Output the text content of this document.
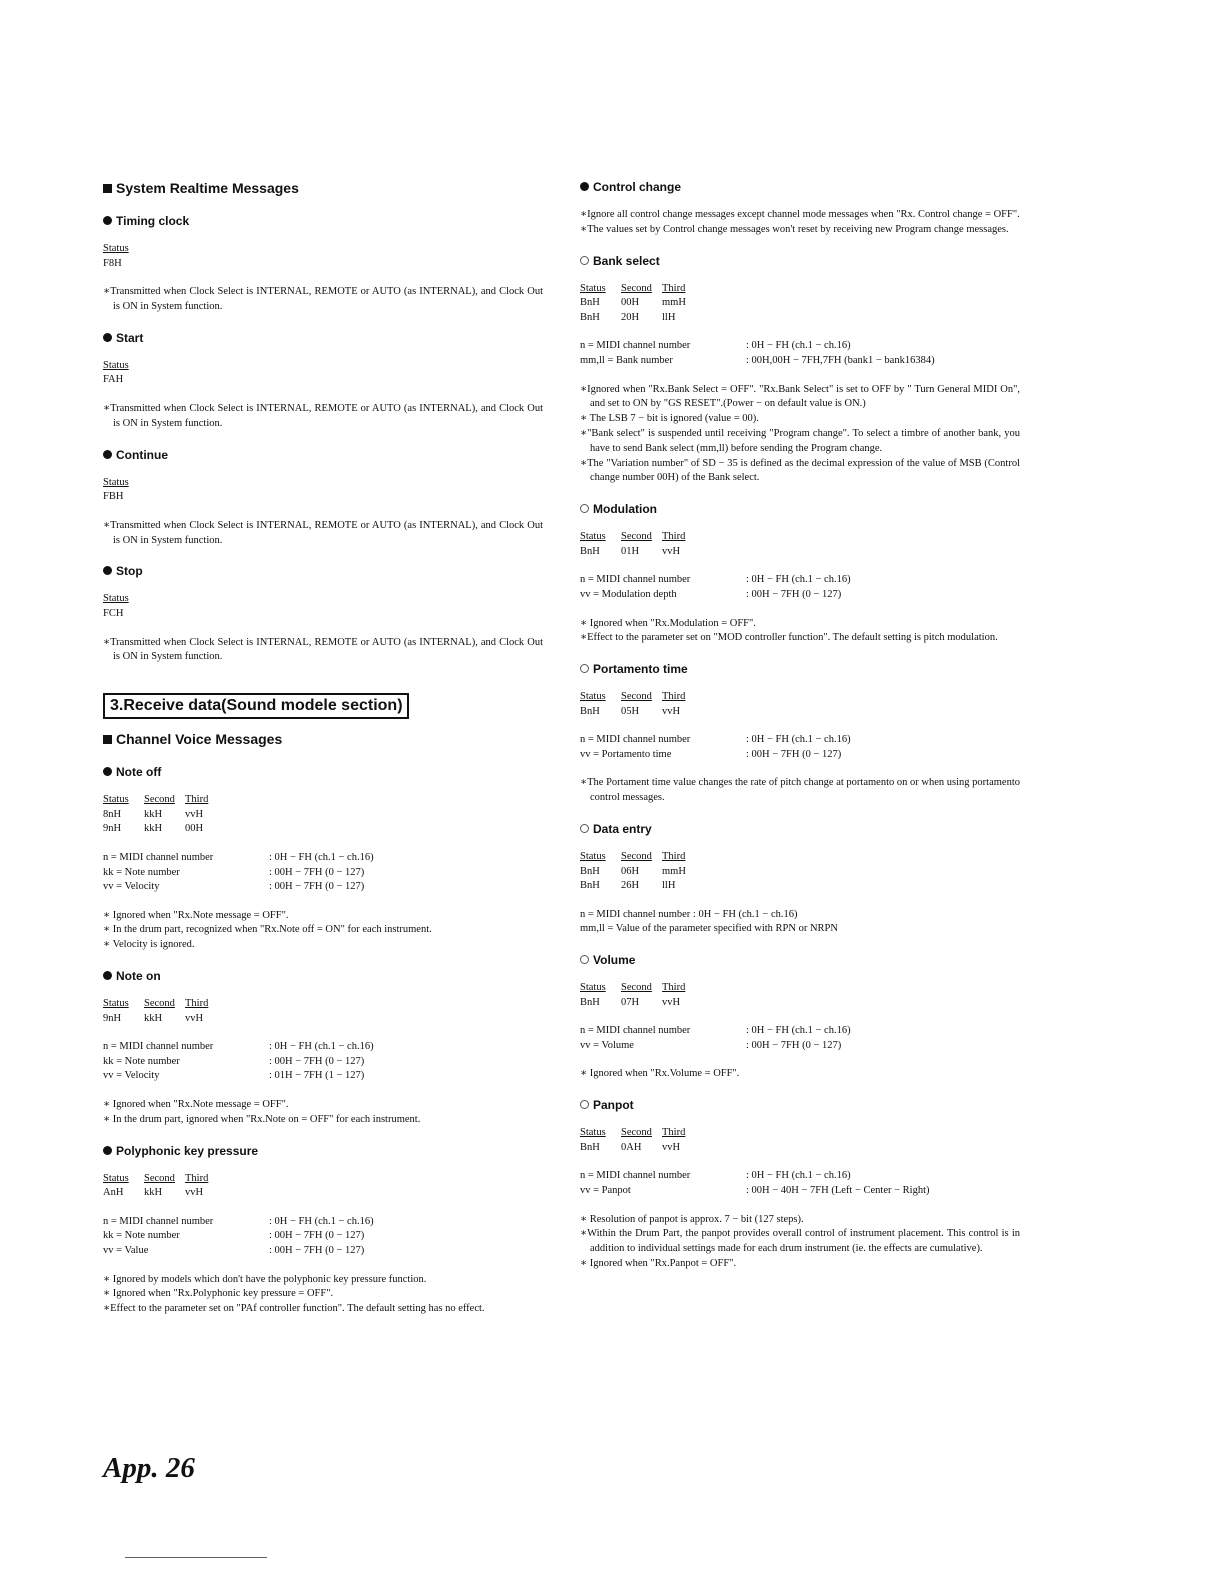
System Realtime Messages
Timing clock
Status
F8H
∗Transmitted when Clock Select is INTERNAL, REMOTE or AUTO (as INTERNAL), and Clock Out is ON in System function.
Start
Status
FAH
∗Transmitted when Clock Select is INTERNAL, REMOTE or AUTO (as INTERNAL), and Clock Out is ON in System function.
Continue
Status
FBH
∗Transmitted when Clock Select is INTERNAL, REMOTE or AUTO (as INTERNAL), and Clock Out is ON in System function.
Stop
Status
FCH
∗Transmitted when Clock Select is INTERNAL, REMOTE or AUTO (as INTERNAL), and Clock Out is ON in System function.
3.Receive data(Sound modele section)
Channel Voice Messages
Note off
Status Second Third
8nH kkH vvH
9nH kkH 00H
n = MIDI channel number	: 0H − FH (ch.1 − ch.16)
kk = Note number	: 00H − 7FH (0 − 127)
vv = Velocity	: 00H − 7FH (0 − 127)
∗ Ignored when "Rx.Note message = OFF".
∗ In the drum part, recognized when "Rx.Note off = ON" for each instrument.
∗ Velocity is ignored.
Note on
Status Second Third
9nH kkH vvH
n = MIDI channel number	: 0H − FH (ch.1 − ch.16)
kk = Note number	: 00H − 7FH (0 − 127)
vv = Velocity	: 01H − 7FH (1 − 127)
∗ Ignored when "Rx.Note message = OFF".
∗ In the drum part, ignored when "Rx.Note on = OFF" for each instrument.
Polyphonic key pressure
Status Second Third
AnH kkH vvH
n = MIDI channel number	: 0H − FH (ch.1 − ch.16)
kk = Note number	: 00H − 7FH (0 − 127)
vv = Value	: 00H − 7FH (0 − 127)
∗ Ignored by models which don't have the polyphonic key pressure function.
∗ Ignored when "Rx.Polyphonic key pressure = OFF".
∗Effect to the parameter set on "PAf controller function". The default setting has no effect.
Control change
∗Ignore all control change messages except channel mode messages when "Rx. Control change = OFF".
∗The values set by Control change messages won't reset by receiving new Program change messages.
Bank select
Status Second Third
BnH 00H mmH
BnH 20H llH
n = MIDI channel number	: 0H − FH (ch.1 − ch.16)
mm,ll = Bank number	: 00H,00H − 7FH,7FH (bank1 − bank16384)
∗Ignored when "Rx.Bank Select = OFF". "Rx.Bank Select" is set to OFF by " Turn General MIDI On", and set to ON by "GS RESET".(Power − on default value is ON.)
∗ The LSB 7 − bit is ignored (value = 00).
∗"Bank select" is suspended until receiving "Program change". To select a timbre of another bank, you have to send Bank select (mm,ll) before sending the Program change.
∗The "Variation number" of SD − 35 is defined as the decimal expression of the value of MSB (Control change number 00H) of the Bank select.
Modulation
Status Second Third
BnH 01H vvH
n = MIDI channel number	: 0H − FH (ch.1 − ch.16)
vv = Modulation depth	: 00H − 7FH (0 − 127)
∗ Ignored when "Rx.Modulation = OFF".
∗Effect to the parameter set on "MOD controller function". The default setting is pitch modulation.
Portamento time
Status Second Third
BnH 05H vvH
n = MIDI channel number	: 0H − FH (ch.1 − ch.16)
vv = Portamento time	: 00H − 7FH (0 − 127)
∗The Portament time value changes the rate of pitch change at portamento on or when using portamento control messages.
Data entry
Status Second Third
BnH 06H mmH
BnH 26H llH
n = MIDI channel number : 0H − FH (ch.1 − ch.16)
mm,ll = Value of the parameter specified with RPN or NRPN
Volume
Status Second Third
BnH 07H vvH
n = MIDI channel number	: 0H − FH (ch.1 − ch.16)
vv = Volume	: 00H − 7FH (0 − 127)
∗ Ignored when "Rx.Volume = OFF".
Panpot
Status Second Third
BnH 0AH vvH
n = MIDI channel number	: 0H − FH (ch.1 − ch.16)
vv = Panpot	: 00H − 40H − 7FH (Left − Center − Right)
∗ Resolution of panpot is approx. 7 − bit (127 steps).
∗Within the Drum Part, the panpot provides overall control of instrument placement. This control is in addition to individual settings made for each drum instrument (ie. the effects are cumulative).
∗ Ignored when "Rx.Panpot = OFF".
App. 26
